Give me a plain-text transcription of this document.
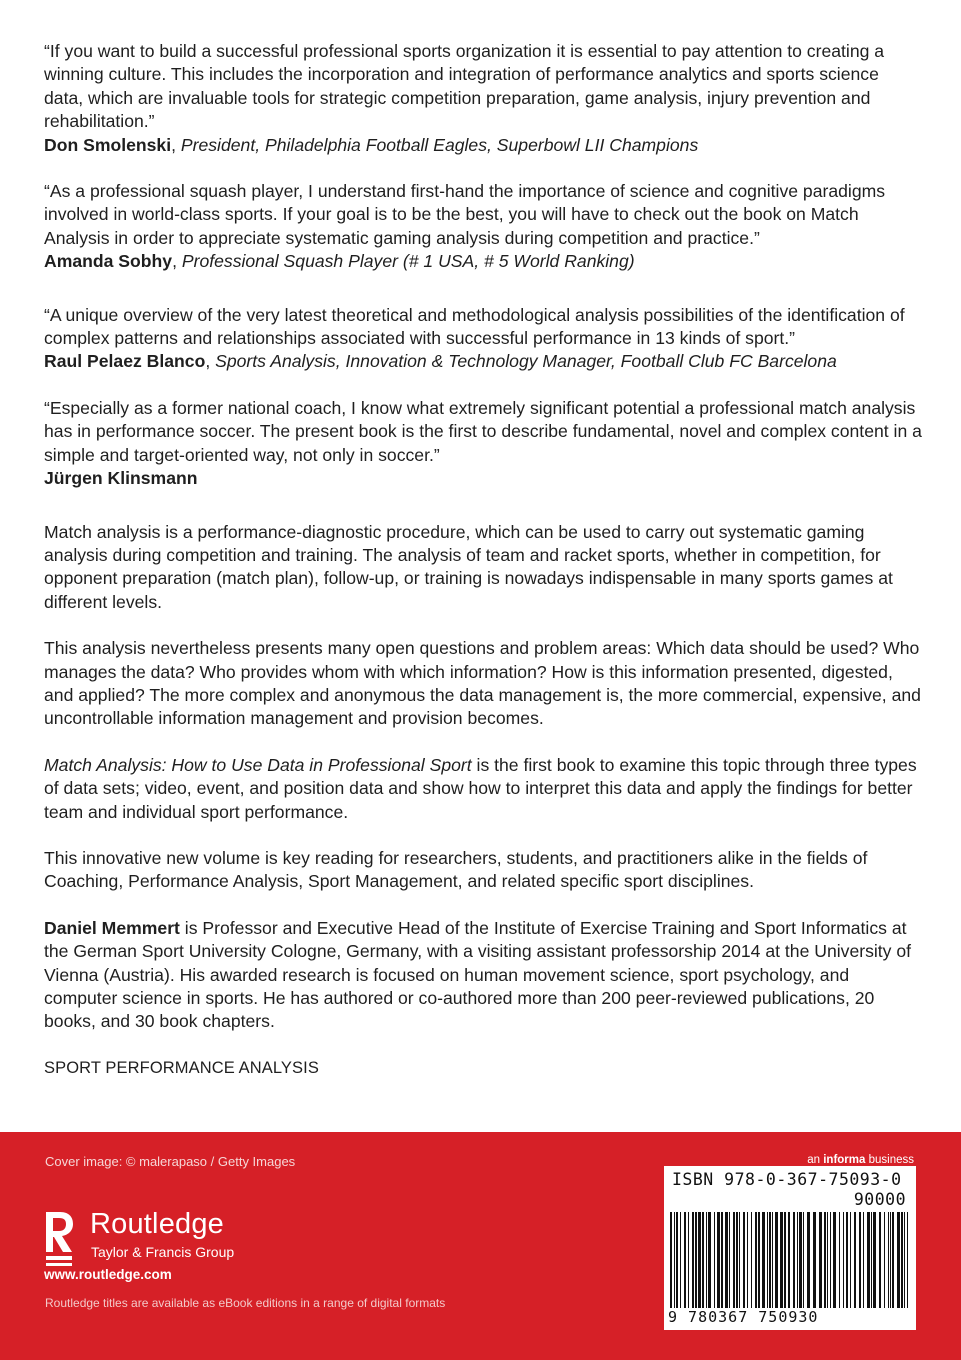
“If you want to build a successful professional sports organization it is essential to pay attention to creating a winning culture. This includes the incorporation and integration of performance analytics and sports science data, which are invaluable tools for strategic competition preparation, game analysis, injury prevention and rehabilitation.”

Don Smolenski, President, Philadelphia Football Eagles, Superbowl LII Champions

“As a professional squash player, I understand first-hand the importance of science and cognitive paradigms involved in world-class sports. If your goal is to be the best, you will have to check out the book on Match Analysis in order to appreciate systematic gaming analysis during competition and practice.”

Amanda Sobhy, Professional Squash Player (# 1 USA, # 5 World Ranking)

“A unique overview of the very latest theoretical and methodological analysis possibilities of the identification of complex patterns and relationships associated with successful performance in 13 kinds of sport.”

Raul Pelaez Blanco, Sports Analysis, Innovation & Technology Manager, Football Club FC Barcelona

“Especially as a former national coach, I know what extremely significant potential a professional match analysis has in performance soccer. The present book is the first to describe fundamental, novel and complex content in a simple and target-oriented way, not only in soccer.”

Jürgen Klinsmann

Match analysis is a performance-diagnostic procedure, which can be used to carry out systematic gaming analysis during competition and training. The analysis of team and racket sports, whether in competition, for opponent preparation (match plan), follow-up, or training is nowadays indispensable in many sports games at different levels.

This analysis nevertheless presents many open questions and problem areas: Which data should be used? Who manages the data? Who provides whom with which information? How is this information presented, digested, and applied? The more complex and anonymous the data management is, the more commercial, expensive, and uncontrollable information management and provision becomes.

Match Analysis: How to Use Data in Professional Sport is the first book to examine this topic through three types of data sets; video, event, and position data and show how to interpret this data and apply the findings for better team and individual sport performance.

This innovative new volume is key reading for researchers, students, and practitioners alike in the fields of Coaching, Performance Analysis, Sport Management, and related specific sport disciplines.

Daniel Memmert is Professor and Executive Head of the Institute of Exercise Training and Sport Informatics at the German Sport University Cologne, Germany, with a visiting assistant professorship 2014 at the University of Vienna (Austria). His awarded research is focused on human movement science, sport psychology, and computer science in sports. He has authored or co-authored more than 200 peer-reviewed publications, 20 books, and 30 book chapters.

SPORT PERFORMANCE ANALYSIS

Cover image: © malerapaso / Getty Images	an informa business
Routledge
Taylor & Francis Group
www.routledge.com
Routledge titles are available as eBook editions in a range of digital formats
ISBN 978-0-367-75093-0
90000
9 780367 750930
